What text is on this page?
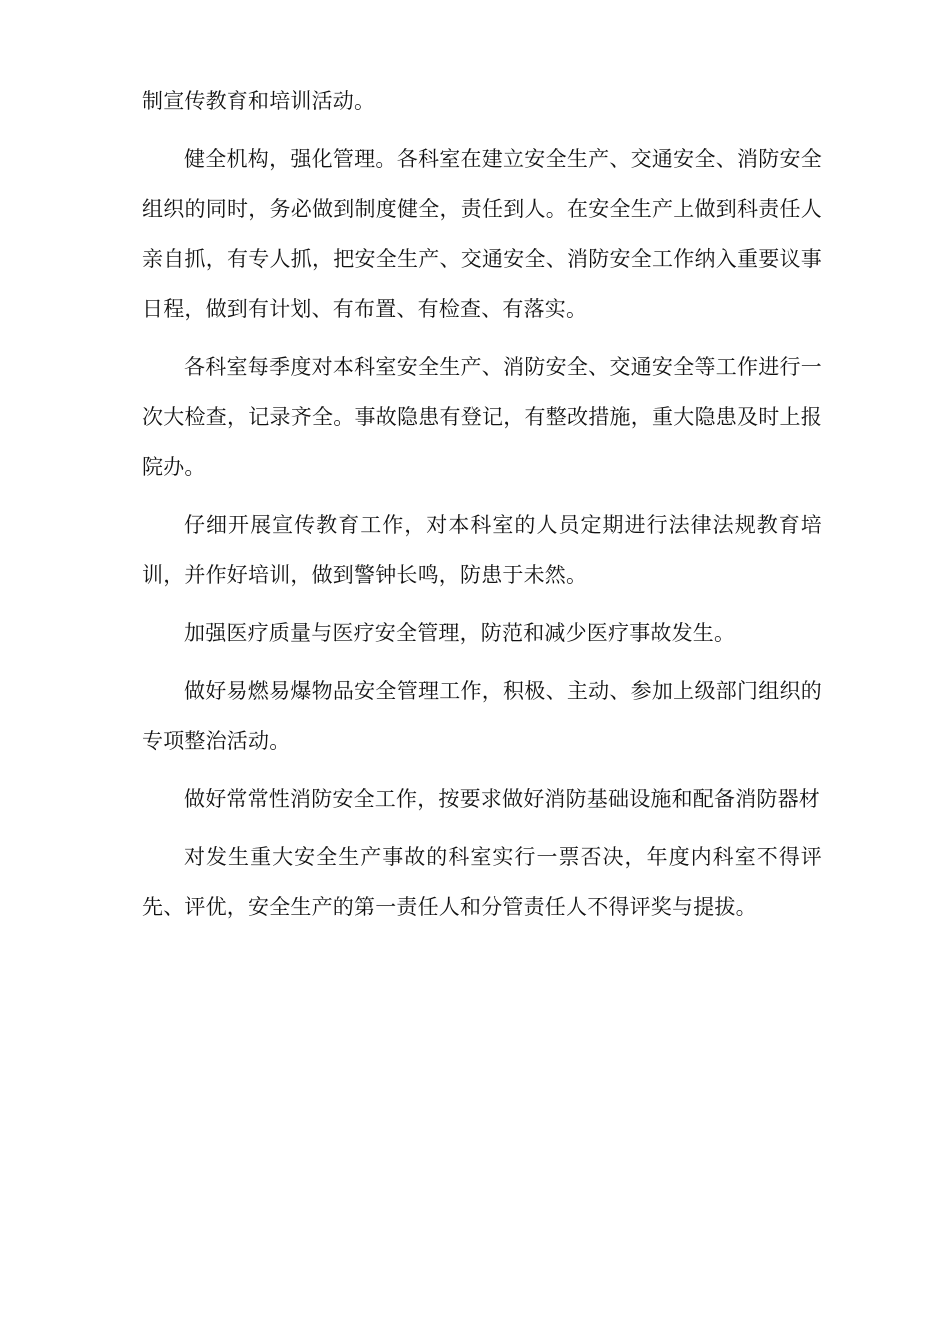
制宣传教育和培训活动。

健全机构，强化管理。各科室在建立安全生产、交通安全、消防安全组织的同时，务必做到制度健全，责任到人。在安全生产上做到科责任人亲自抓，有专人抓，把安全生产、交通安全、消防安全工作纳入重要议事日程，做到有计划、有布置、有检查、有落实。

各科室每季度对本科室安全生产、消防安全、交通安全等工作进行一次大检查，记录齐全。事故隐患有登记，有整改措施，重大隐患及时上报院办。

仔细开展宣传教育工作，对本科室的人员定期进行法律法规教育培训，并作好培训，做到警钟长鸣，防患于未然。

加强医疗质量与医疗安全管理，防范和减少医疗事故发生。

做好易燃易爆物品安全管理工作，积极、主动、参加上级部门组织的专项整治活动。

做好常常性消防安全工作，按要求做好消防基础设施和配备消防器材

对发生重大安全生产事故的科室实行一票否决，年度内科室不得评先、评优，安全生产的第一责任人和分管责任人不得评奖与提拔。
